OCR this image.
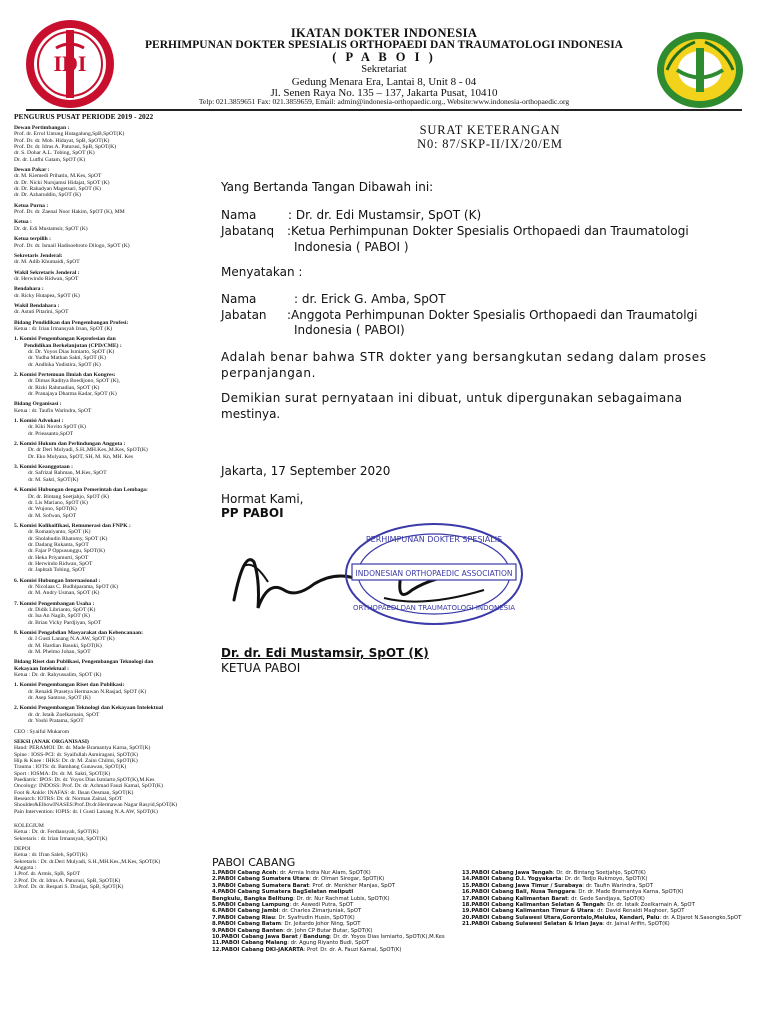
IDI
IKATAN DOKTER INDONESIA
PERHIMPUNAN DOKTER SPESIALIS ORTHOPAEDI DAN TRAUMATOLOGI INDONESIA
( P A B O I )
Sekretariat
Gedung Menara Era, Lantai 8, Unit 8 - 04
Jl. Senen Raya No. 135 – 137, Jakarta Pusat, 10410
Telp: 021.3859651 Fax: 021.3859659, Email: admin@indonesia-orthopaedic.org., Website:www.indonesia-orthopaedic.org
PENGURUS PUSAT PERIODE 2019 - 2022
Dewan Pertimbangan :
Prof. dr. Errol Untung Hutagalung,SpB,SpOT(K)
Prof. Dr. dr. Moh. Hidayat, SpB, SpOT(K)
Prof. Dr. dr. Idrus A. Paturusi, SpB, SpOT(K)
dr. S. Dohar A.L. Tobing, SpOT (K)
Dr. dr. Lutfhi Gatam, SpOT (K)
Dewan Pakar :
dr. M. Kiemedi Prihatin, M.Kes, SpOT
dr. Dr. Nicki Nursjamsi Hidajat, SpOT (K)
dr. Dr. Rahadyan Magetsari, SpOT (K)
dr. Dr. Azharuddin, SpOT (K)
Ketua Purna :
Prof. Dr. dr. Zaenal Noor Hakim, SpOT (K), MM
Ketua :
Dr. dr. Edi Mustamsir, SpOT (K)
Ketua terpilih :
Prof. Dr. dr. Ismail Hadisoebroto Dilogo, SpOT (K)
Sekretaris Jenderal:
dr. M. Adib Khumaidi, SpOT
Wakil Sekretaris Jenderal :
dr. Herwindo Ridwan, SpOT
Bendahara :
dr. Ricky Hutapea, SpOT (K)
Wakil Bendahara :
dr. Astuti Pitarini, SpOT
Bidang Pendidikan dan Pengembangan Profesi:
Ketua : dr. Irian Irmansyah Irsan, SpOT (K)
1. Komisi Pengembangan Keprofesian dan
Pendidikan Berkelanjutan (CPD/CME) :
dr. Dr. Yoyos Dias Ismiarto, SpOT (K)
dr. Yudha Mathan Sakti, SpOT (K)
dr. Andhika Yudistira, SpOT (K)
2. Komisi Pertemuan Ilmiah dan Kongres:
dr. Dimas Raditya Boedijono, SpOT (K),
dr. Rizki Rahmadian, SpOT (K)
dr. Pranajaya Dharma Kadar, SpOT (K)
Bidang Organisasi :
Ketua : dr. Taufin Warindra, SpOT
1. Komisi Advokasi :
dr. Kiki Novito SpOT (K)
dr. Prieasanto,SpOT
2. Komisi Hukum dan Perlindungan Anggota :
Dr. dr Deri Mulyadi, S.H.,MH.Kes.,M.Kes, SpOT(K)
Dr. Eko Mulyana, SpOT, SH, M. Kn, MH. Kes
3. Komisi Keanggotaan :
dr. Safrizal Rahman, M.Kes, SpOT
dr. M. Sakti, SpOT(K)
4. Komisi Hubungan dengan Pemerintah dan Lembaga:
Dr. dr. Bintang Soetjahjo, SpOT (K)
dr. Lis Mariano, SpOT (K)
dr. Wujono, SpOT(K)
dr. M. Sofwan, SpOT
5. Komisi Kolikoifikasi, Remunerasi dan FNPK :
dr. Romaniyanto, SpOT (K)
dr. Sholahudin Rhatomy, SpOT (K)
dr. Dadang Rukanta, SpOT
dr. Fajar P Oppusunggu, SpOT(K)
dr. Heka Priyamurti, SpOT
dr. Herwindo Ridwan, SpOT
dr. Japhtah Tobing, SpOT
6. Komisi Hubungan Internasional :
dr. Nicolaas C. Budhiparama, SpOT (K)
dr. M. Andry Usman, SpOT (K)
7. Komisi Pengembangan Usaha :
dr. Didik Librianto, SpOT (K)
dr. Isa An Nagib, SpOT (K)
dr. Brian Vicky Pardjiyan, SpOT
8. Komisi Pengabdian Masyarakat dan Kebencanaan:
dr. I Gusti Lanang N.A.AW, SpOT (K)
dr. M. Hardian Basuki, SpOT(K)
dr. M. Phelmo Johan, SpOT
Bidang Riset dan Publikasi, Pengembangan Teknologi dan
Kekayaan Intelektual :
Ketua : Dr. dr. Rahyussalim, SpOT (K)
1. Komisi Pengembangan Riset dan Publikasi:
dr. Renaldi Prasetya Hermawan N.Rasjad, SpOT (K)
dr. Asep Santoso, SpOT (K)
2. Komisi Pengembangan Teknologi dan Kekayaan Intelektual
dr. dr. Istaik Zoelkarnain, SpOT
dr. Yoshi Pratama, SpOT
CEO : Syaiful Mukarom
SEKSI (ANAK ORGANISASI)
Hand: PERAMOI: Dr. dr. Made Bramantya Karna, SpOT(K)
Spine : IOSS-PCI: dr. Syaifullah Asmiragani, SpOT(K)
Hip & Knee : IHKS: Dr. dr. M. Zaini Chilmi, SpOT(K)
Trauma : IOTS: dr. Bambang Gunawan, SpOT(K)
Sport : IOSMA: Dr. dr. M. Sakti, SpOT(K)
Paediatric: IPOS: Dr. dr. Yoyos Dias Ismiarto,SpOT(K),M.Kes
Oncology: INDOSS: Prof. Dr. dr. Achmad Fauzi Kamal, SpOT(K)
Foot & Ankle: INAFAS: dr. Ihsan Oesman, SpOT(K)
Research: IOTRS: Dr. dr. Norman Zainal, SpOT
Shoulder&ElbowINASES:Prof.Dr.dr.Hermawan Nagar Rasyid,SpOT(K)
Pain Intervention: IOPIS: dr. I Gusti Lanang N.A.AW, SpOT(K)
KOLEGIUM
Ketua : Dr. dr. Ferdiansyah, SpOT(K)
Sekretaris : dr. Irian Irmansyah, SpOT(K)
DEPOI
Ketua : dr. Ifran Saleh, SpOT(K)
Sekretaris : Dr. dr.Deri Mulyadi, S.H.,MH.Kes.,M.Kes, SpOT(K)
Anggota :
1.Prof. dr. Armis, SpB, SpOT
2.Prof. Dr. dr. Idrus A. Paturusi, SpB, SpOT(K)
3.Prof. Dr. dr. Respati S. Dradjat, SpB, SpOT(K)
SURAT KETERANGAN
N0: 87/SKP-II/IX/20/EM
Yang Bertanda Tangan Dibawah ini:
Nama	: Dr. dr. Edi Mustamsir, SpOT (K)
Jabatanq :Ketua Perhimpunan Dokter Spesialis Orthopaedi dan Traumatologi
Indonesia ( PABOI )
Menyatakan :
Nama	: dr. Erick G. Amba, SpOT
Jabatan :Anggota Perhimpunan Dokter Spesialis Orthopaedi dan Traumatolgi
Indonesia ( PABOI)
Adalah benar bahwa STR dokter yang bersangkutan sedang dalam proses
perpanjangan.
Demikian surat pernyataan ini dibuat, untuk dipergunakan sebagaimana
mestinya.
Jakarta, 17 September 2020
Hormat Kami,
PP PABOI
PERHIMPUNAN DOKTER SPESIALIS
INDONESIAN ORTHOPAEDIC ASSOCIATION
ORTHOPAEDI DAN TRAUMATOLOGI INDONESIA
Dr. dr. Edi Mustamsir, SpOT (K)
KETUA PABOI
PABOI CABANG
1.PABOI Cabang Aceh: dr. Armia Indra Nur Alam, SpOT(K)
2.PABOI Cabang Sumatera Utara: dr. Olman Siregar, SpOT(K)
3.PABOI Cabang Sumatera Barat: Prof. dr. Menkher Manjas, SpOT
4.PABOI Cabang Sumatera BagSelatan meliputi
Bengkulu, Bangka Belitung: Dr. dr. Nur Rachmat Lubis, SpOT(K)
5.PABOI Cabang Lampung: dr. Aswedi Putra, SpOT
6.PABOI Cabang Jambi: dr. Charles Zimarjuniak, SpOT
7.PABOI Cabang Riau: Dr. Syafrudin Husin, SpOT(K)
8.PABOI Cabang Batam: Dr. Jeitardo Johor Ning, SpOT
9.PABOI Cabang Banten: dr. John CP Butar Butar, SpOT(K)
10.PABOI Cabang Jawa Barat / Bandung: Dr. dr. Yoyos Dias Ismiarto, SpOT(K),M.Kes
11.PABOI Cabang Malang: dr. Agung Riyanto Budi, SpOT
12.PABOI Cabang DKI-JAKARTA: Prof. Dr. dr. A. Fauzi Kamal, SpOT(K)
13.PABOI Cabang Jawa Tengah: Dr. dr. Bintang Soetjahjo, SpOT(K)
14.PABOI Cabang D.I. Yogyakarta: Dr. dr. Tedjo Rukmoyo, SpOT(K)
15.PABOI Cabang Jawa Timur / Surabaya: dr. Taufin Warindra, SpOT
16.PABOI Cabang Bali, Nusa Tenggara: Dr. dr. Made Bramantya Karna, SpOT(K)
17.PABOI Cabang Kalimantan Barat: dr. Gede Sandjaya, SpOT(K)
18.PABOI Cabang Kalimantan Selatan & Tengah: Dr. dr. Istaik Zoelkarnain A, SpOT
19.PABOI Cabang Kalimantan Timur & Utara: dr. David Renaldi Maqhoer, SpOT
20.PABOI Cabang Sulawesi Utara,Gorontalo,Maluku, Kendari, Palu: dr. A.Djarot N.Sasongko,SpOT
21.PABOI Cabang Sulawesi Selatan & Irian Jaya: dr. Jainal Arifin, SpOT(K)
